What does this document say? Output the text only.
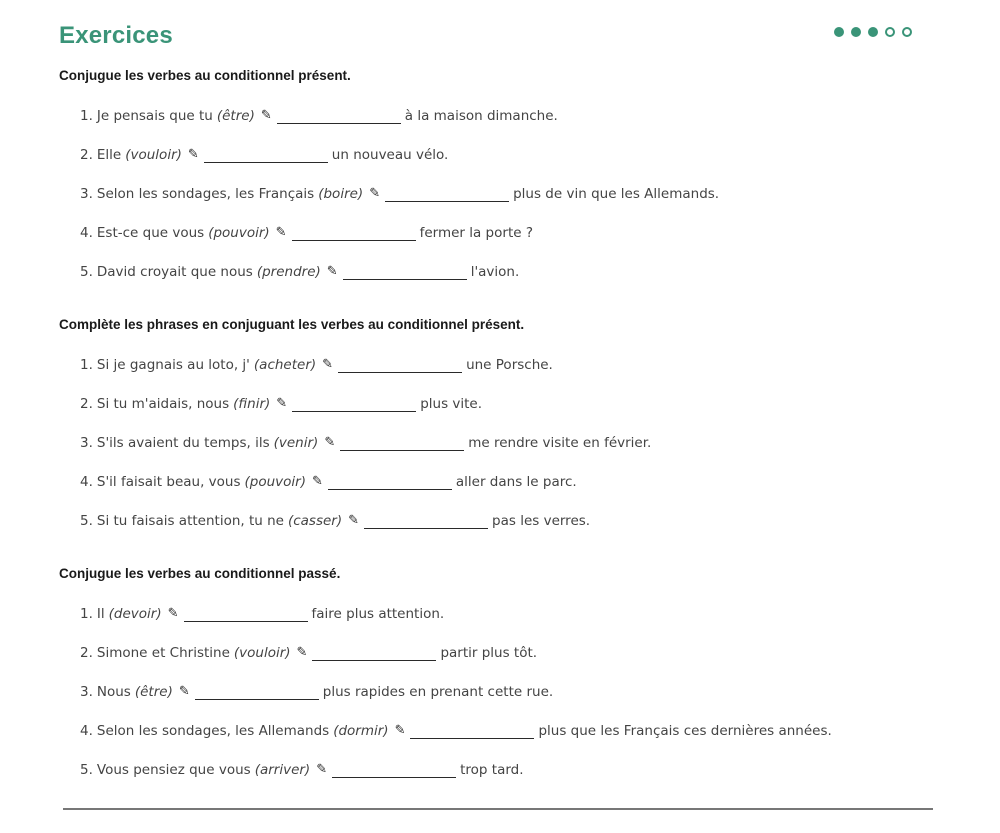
Exercices
Conjugue les verbes au conditionnel présent.
1. Je pensais que tu (être) ✎	à la maison dimanche.
2. Elle (vouloir) ✎	un nouveau vélo.
3. Selon les sondages, les Français (boire) ✎	plus de vin que les Allemands.
4. Est-ce que vous (pouvoir) ✎	fermer la porte ?
5. David croyait que nous (prendre) ✎	l'avion.
Complète les phrases en conjuguant les verbes au conditionnel présent.
1. Si je gagnais au loto, j' (acheter) ✎	une Porsche.
2. Si tu m'aidais, nous (finir) ✎	plus vite.
3. S'ils avaient du temps, ils (venir) ✎	me rendre visite en février.
4. S'il faisait beau, vous (pouvoir) ✎	aller dans le parc.
5. Si tu faisais attention, tu ne (casser) ✎	pas les verres.
Conjugue les verbes au conditionnel passé.
1. Il (devoir) ✎	faire plus attention.
2. Simone et Christine (vouloir) ✎	partir plus tôt.
3. Nous (être) ✎	plus rapides en prenant cette rue.
4. Selon les sondages, les Allemands (dormir) ✎	plus que les Français ces dernières années.
5. Vous pensiez que vous (arriver) ✎	trop tard.
